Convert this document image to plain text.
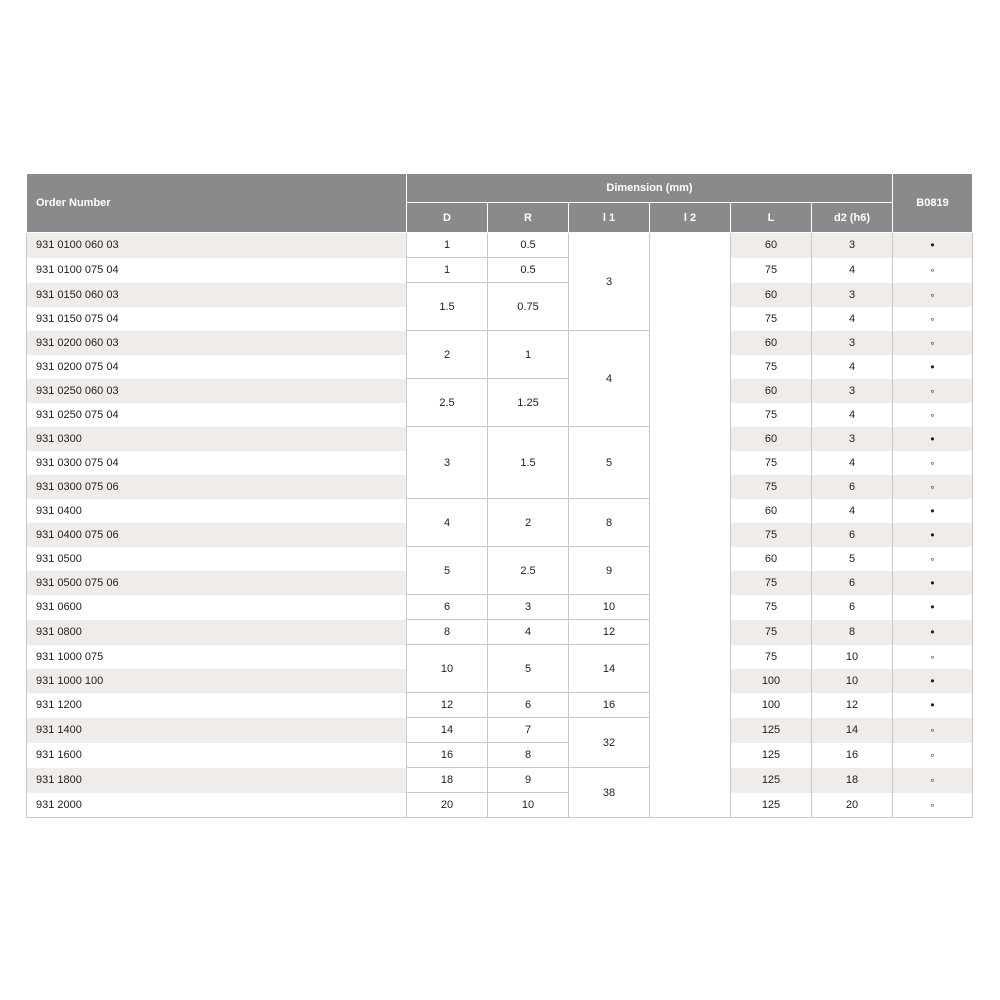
Order Number	Dimension (mm)						B0819
	D	R	l 1	l 2	L	d2 (h6)	
931 0100 060 03	1	0.5	3		60	3	•
931 0100 075 04	1	0.5			75	4	◦
931 0150 060 03	1.5	0.75			60	3	◦
931 0150 075 04					75	4	◦
931 0200 060 03	2	1	4		60	3	◦
931 0200 075 04					75	4	•
931 0250 060 03	2.5	1.25			60	3	◦
931 0250 075 04					75	4	◦
931 0300	3	1.5	5		60	3	•
931 0300 075 04					75	4	◦
931 0300 075 06					75	6	◦
931 0400	4	2	8		60	4	•
931 0400 075 06					75	6	•
931 0500	5	2.5	9		60	5	◦
931 0500 075 06					75	6	•
931 0600	6	3	10		75	6	•
931 0800	8	4	12		75	8	•
931 1000 075	10	5	14		75	10	◦
931 1000 100					100	10	•
931 1200	12	6	16		100	12	•
931 1400	14	7	32		125	14	◦
931 1600	16	8			125	16	◦
931 1800	18	9	38		125	18	◦
931 2000	20	10			125	20	◦
